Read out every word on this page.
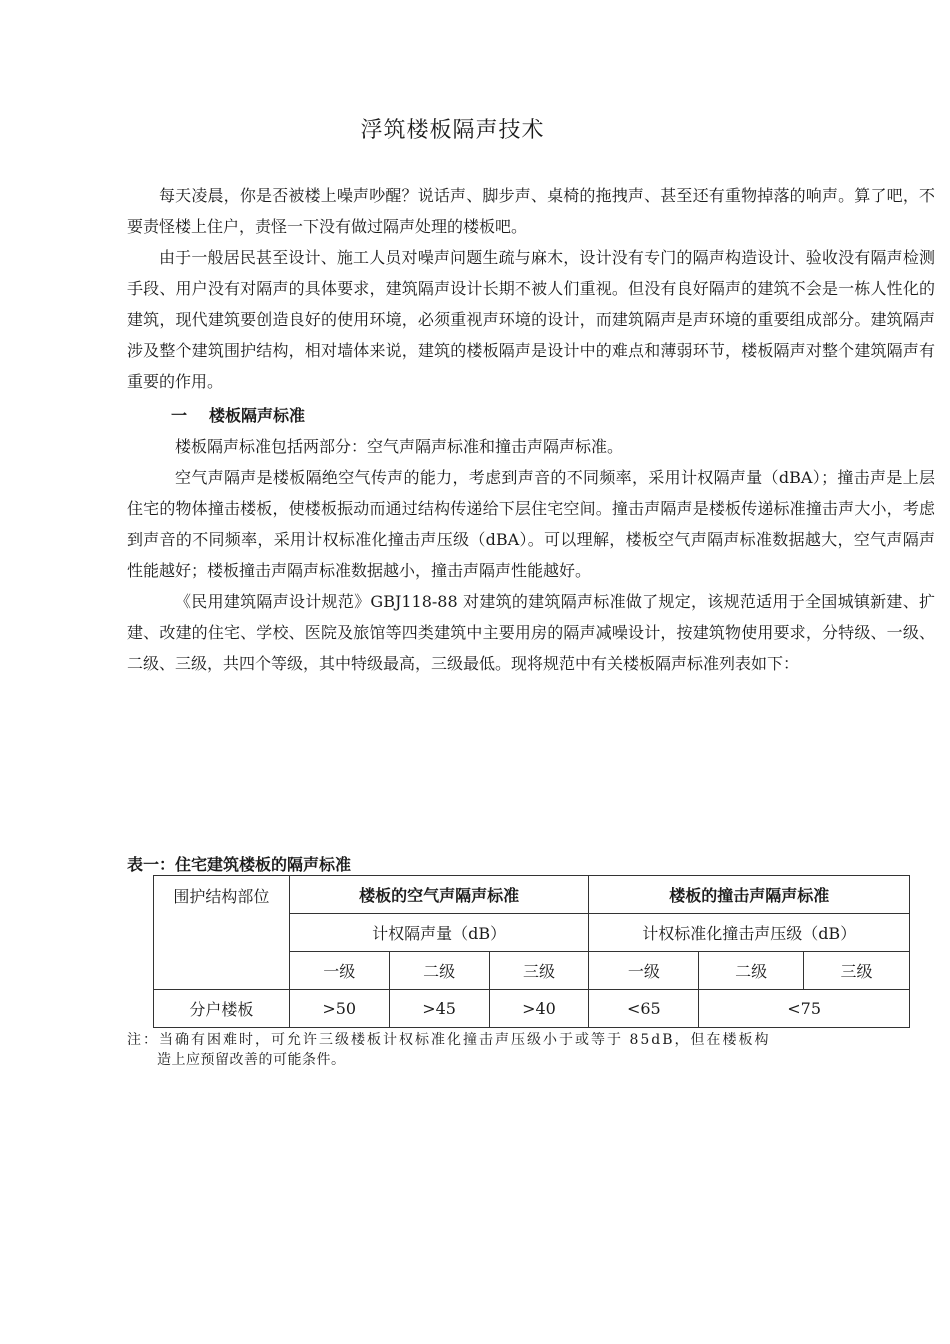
浮筑楼板隔声技术

每天凌晨，你是否被楼上噪声吵醒？说话声、脚步声、桌椅的拖拽声、甚至还有重物掉落的响声。算了吧，不要责怪楼上住户，责怪一下没有做过隔声处理的楼板吧。

由于一般居民甚至设计、施工人员对噪声问题生疏与麻木，设计没有专门的隔声构造设计、验收没有隔声检测手段、用户没有对隔声的具体要求，建筑隔声设计长期不被人们重视。但没有良好隔声的建筑不会是一栋人性化的建筑，现代建筑要创造良好的使用环境，必须重视声环境的设计，而建筑隔声是声环境的重要组成部分。建筑隔声涉及整个建筑围护结构，相对墙体来说，建筑的楼板隔声是设计中的难点和薄弱环节，楼板隔声对整个建筑隔声有重要的作用。

一 楼板隔声标准

楼板隔声标准包括两部分：空气声隔声标准和撞击声隔声标准。

空气声隔声是楼板隔绝空气传声的能力，考虑到声音的不同频率，采用计权隔声量（dBA）；撞击声是上层住宅的物体撞击楼板，使楼板振动而通过结构传递给下层住宅空间。撞击声隔声是楼板传递标准撞击声大小，考虑到声音的不同频率，采用计权标准化撞击声压级（dBA）。可以理解，楼板空气声隔声标准数据越大，空气声隔声性能越好；楼板撞击声隔声标准数据越小，撞击声隔声性能越好。

《民用建筑隔声设计规范》GBJ118-88 对建筑的建筑隔声标准做了规定，该规范适用于全国城镇新建、扩建、改建的住宅、学校、医院及旅馆等四类建筑中主要用房的隔声减噪设计，按建筑物使用要求，分特级、一级、二级、三级，共四个等级，其中特级最高，三级最低。现将规范中有关楼板隔声标准列表如下：

表一：住宅建筑楼板的隔声标准
围护结构部位	楼板的空气声隔声标准			楼板的撞击声隔声标准		
	计权隔声量（dB）			计权标准化撞击声压级（dB）		
	一级	二级	三级	一级	二级	三级
分户楼板	>50	>45	>40	<65	<75	
注：当确有困难时，可允许三级楼板计权标准化撞击声压级小于或等于 85dB，但在楼板构
造上应预留改善的可能条件。
